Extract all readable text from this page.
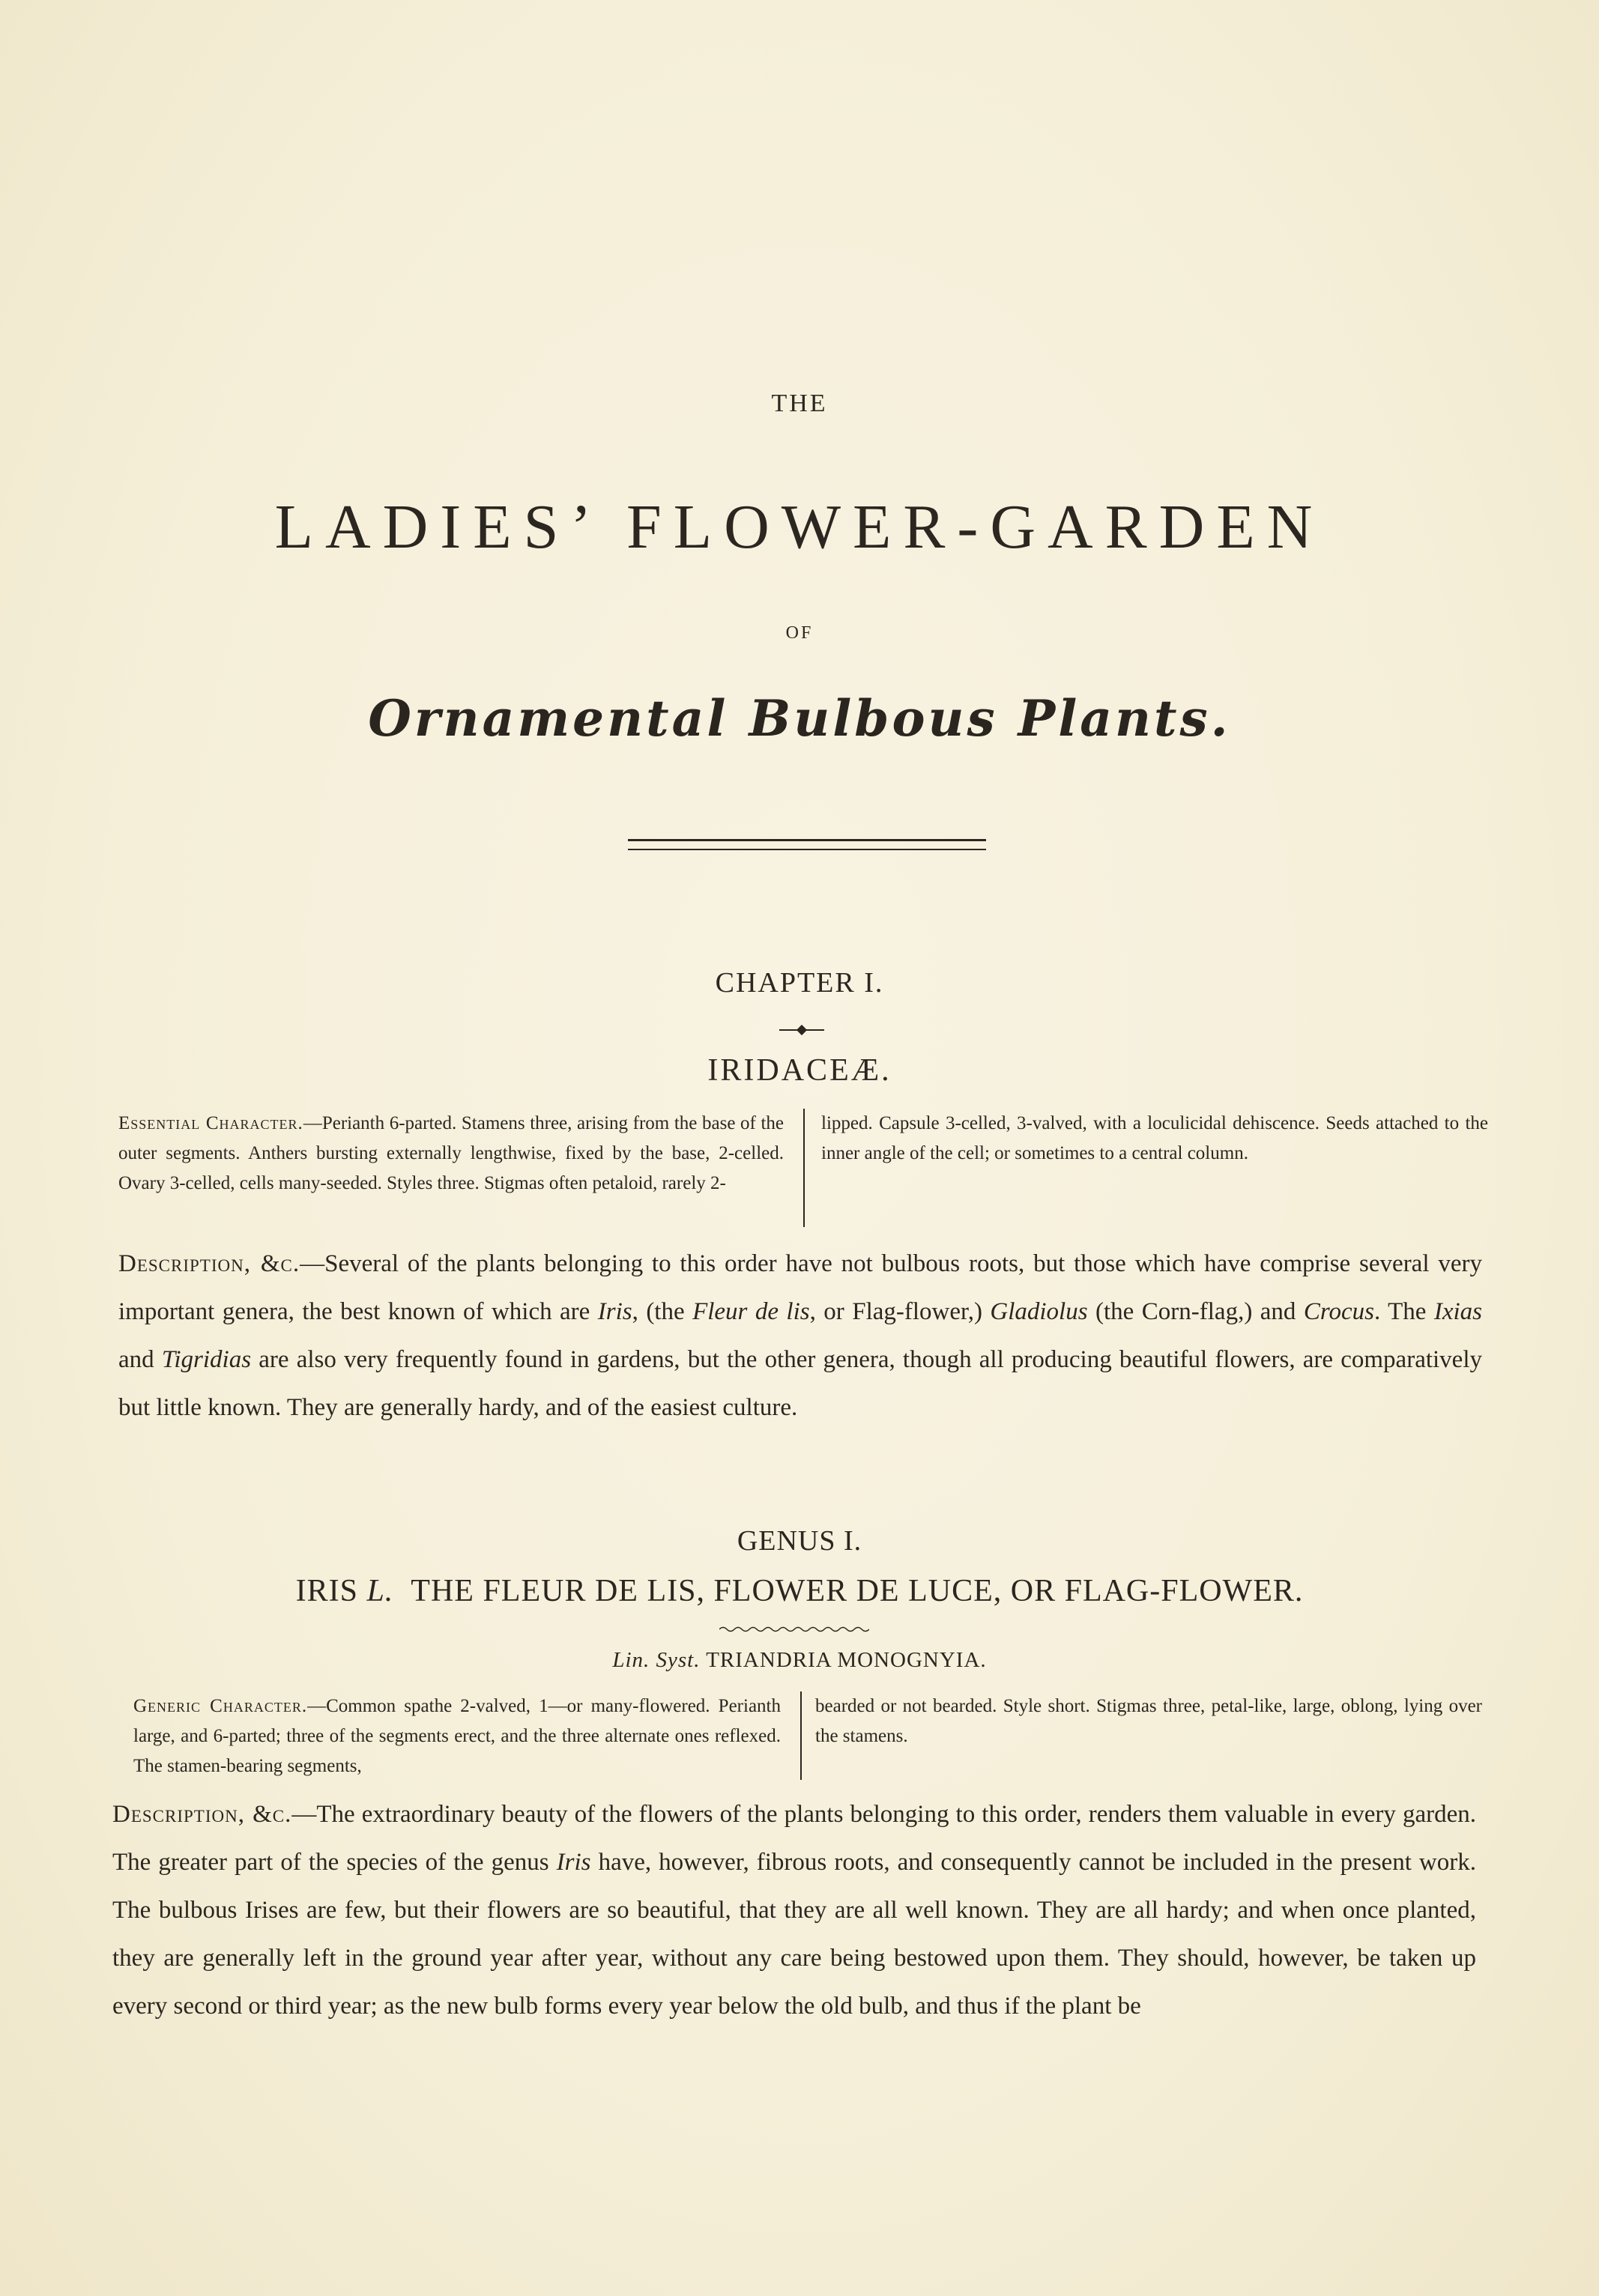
THE
LADIES’ FLOWER-GARDEN
OF
Ornamental Bulbous Plants.
CHAPTER I.
IRIDACEÆ.
Essential Character.—Perianth 6-parted. Stamens three, arising from the base of the outer segments. Anthers bursting externally lengthwise, fixed by the base, 2-celled. Ovary 3-celled, cells many-seeded. Styles three. Stigmas often petaloid, rarely 2-
lipped. Capsule 3-celled, 3-valved, with a loculicidal dehiscence. Seeds attached to the inner angle of the cell; or sometimes to a central column.
Description, &c.—Several of the plants belonging to this order have not bulbous roots, but those which have comprise several very important genera, the best known of which are Iris, (the Fleur de lis, or Flag-flower,) Gladiolus (the Corn-flag,) and Crocus. The Ixias and Tigridias are also very frequently found in gardens, but the other genera, though all producing beautiful flowers, are comparatively but little known. They are generally hardy, and of the easiest culture.
GENUS I.
IRIS L. THE FLEUR DE LIS, FLOWER DE LUCE, OR FLAG-FLOWER.
Lin. Syst. TRIANDRIA MONOGNYIA.
Generic Character.—Common spathe 2-valved, 1—or many-flowered. Perianth large, and 6-parted; three of the segments erect, and the three alternate ones reflexed. The stamen-bearing segments,
bearded or not bearded. Style short. Stigmas three, petal-like, large, oblong, lying over the stamens.
Description, &c.—The extraordinary beauty of the flowers of the plants belonging to this order, renders them valuable in every garden. The greater part of the species of the genus Iris have, however, fibrous roots, and consequently cannot be included in the present work. The bulbous Irises are few, but their flowers are so beautiful, that they are all well known. They are all hardy; and when once planted, they are generally left in the ground year after year, without any care being bestowed upon them. They should, however, be taken up every second or third year; as the new bulb forms every year below the old bulb, and thus if the plant be
